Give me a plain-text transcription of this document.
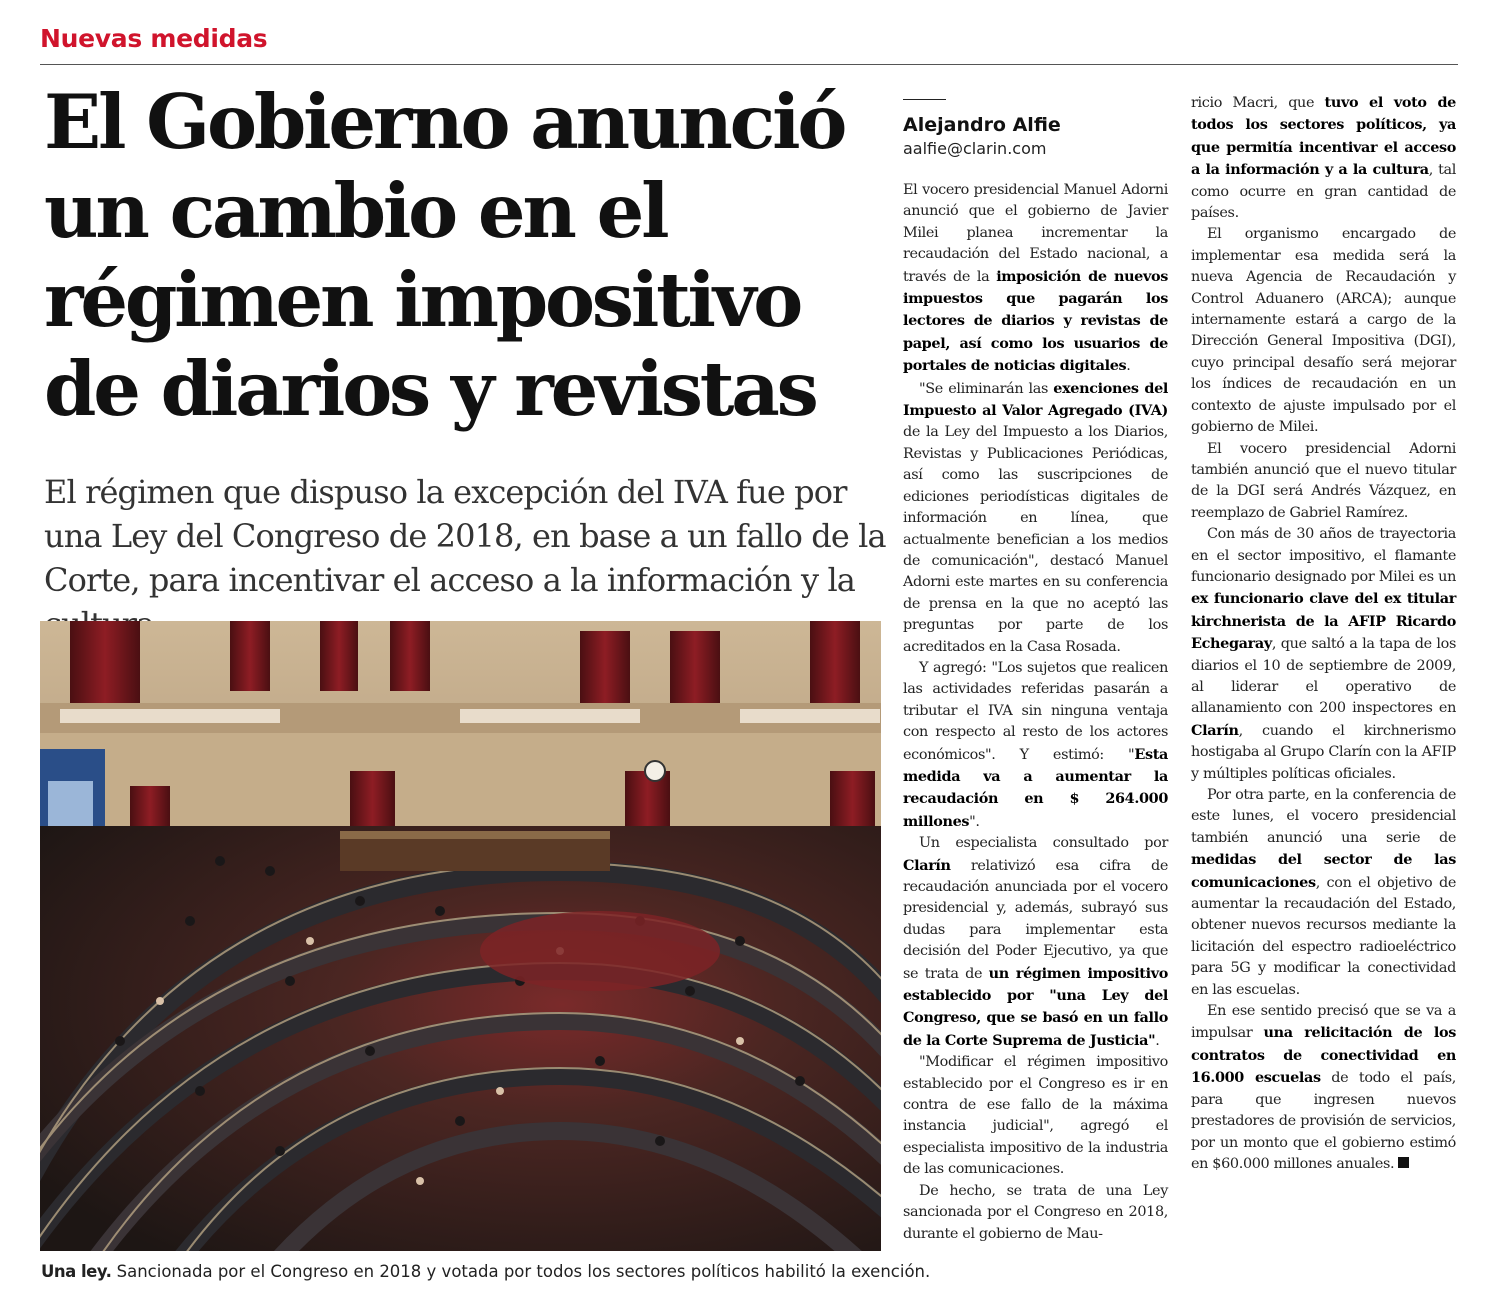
Nuevas medidas
El Gobierno anunció un cambio en el régimen impositivo de diarios y revistas

El régimen que dispuso la excepción del IVA fue por una Ley del Congreso de 2018, en base a un fallo de la Corte, para incentivar el acceso a la información y la

Una ley. Sancionada por el Congreso en 2018 y votada por todos los sectores políticos habilitó la exención.
Alejandro Alfie
aalfie@clarin.com

El vocero presidencial Manuel Adorni anunció que el gobierno de Javier Milei planea incrementar la recaudación del Estado nacional, a través de la imposición de nuevos impuestos que pagarán los lectores de diarios y revistas de papel, así como los usuarios de portales de noticias digitales.

"Se eliminarán las exenciones del Impuesto al Valor Agregado (IVA) de la Ley del Impuesto a los Diarios, Revistas y Publicaciones Periódicas, así como las suscripciones de ediciones periodísticas digitales de información en línea, que actualmente benefician a los medios de comunicación", destacó Manuel Adorni este martes en su conferencia de prensa en la que no aceptó las preguntas por parte de los acreditados en la Casa Rosada.

Y agregó: "Los sujetos que realicen las actividades referidas pasarán a tributar el IVA sin ninguna ventaja con respecto al resto de los actores económicos". Y estimó: "Esta medida va a aumentar la recaudación en $ 264.000 millones".

Un especialista consultado por Clarín relativizó esa cifra de recaudación anunciada por el vocero presidencial y, además, subrayó sus dudas para implementar esta decisión del Poder Ejecutivo, ya que se trata de un régimen impositivo establecido por "una Ley del Congreso, que se basó en un fallo de la Corte Suprema de Justicia".

"Modificar el régimen impositivo establecido por el Congreso es ir en contra de ese fallo de la máxima instancia judicial", agregó el especialista impositivo de la industria de las comunicaciones.

De hecho, se trata de una Ley sancionada por el Congreso en 2018, durante el gobierno de Mau-

ricio Macri, que tuvo el voto de todos los sectores políticos, ya que permitía incentivar el acceso a la información y a la cultura, tal como ocurre en gran cantidad de países.

El organismo encargado de implementar esa medida será la nueva Agencia de Recaudación y Control Aduanero (ARCA); aunque internamente estará a cargo de la Dirección General Impositiva (DGI), cuyo principal desafío será mejorar los índices de recaudación en un contexto de ajuste impulsado por el gobierno de Milei.

El vocero presidencial Adorni también anunció que el nuevo titular de la DGI será Andrés Vázquez, en reemplazo de Gabriel Ramírez.

Con más de 30 años de trayectoria en el sector impositivo, el flamante funcionario designado por Milei es un ex funcionario clave del ex titular kirchnerista de la AFIP Ricardo Echegaray, que saltó a la tapa de los diarios el 10 de septiembre de 2009, al liderar el operativo de allanamiento con 200 inspectores en Clarín, cuando el kirchnerismo hostigaba al Grupo Clarín con la AFIP y múltiples políticas oficiales.

Por otra parte, en la conferencia de este lunes, el vocero presidencial también anunció una serie de medidas del sector de las comunicaciones, con el objetivo de aumentar la recaudación del Estado, obtener nuevos recursos mediante la licitación del espectro radioeléctrico para 5G y modificar la conectividad en las escuelas.

En ese sentido precisó que se va a impulsar una relicitación de los contratos de conectividad en 16.000 escuelas de todo el país, para que ingresen nuevos prestadores de provisión de servicios, por un monto que el gobierno estimó en $60.000 millones anuales.
